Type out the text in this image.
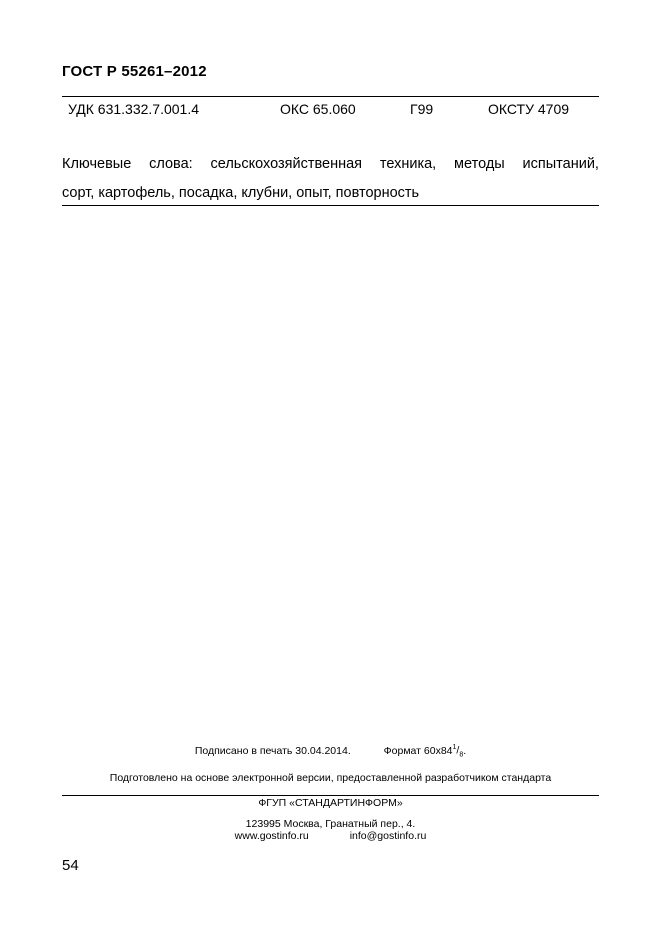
ГОСТ Р 55261–2012
УДК 631.332.7.001.4	ОКС 65.060	Г99	ОКСТУ 4709
Ключевые слова: сельскохозяйственная техника, методы испытаний,
сорт, картофель, посадка, клубни, опыт, повторность
Подписано в печать 30.04.2014.	Формат $60x84^1/_8$.
Подготовлено на основе электронной версии, предоставленной разработчиком стандарта
ФГУП «СТАНДАРТИНФОРМ»
123995 Москва, Гранатный пер., 4.
www.gostinfo.ru	info@gostinfo.ru
54
